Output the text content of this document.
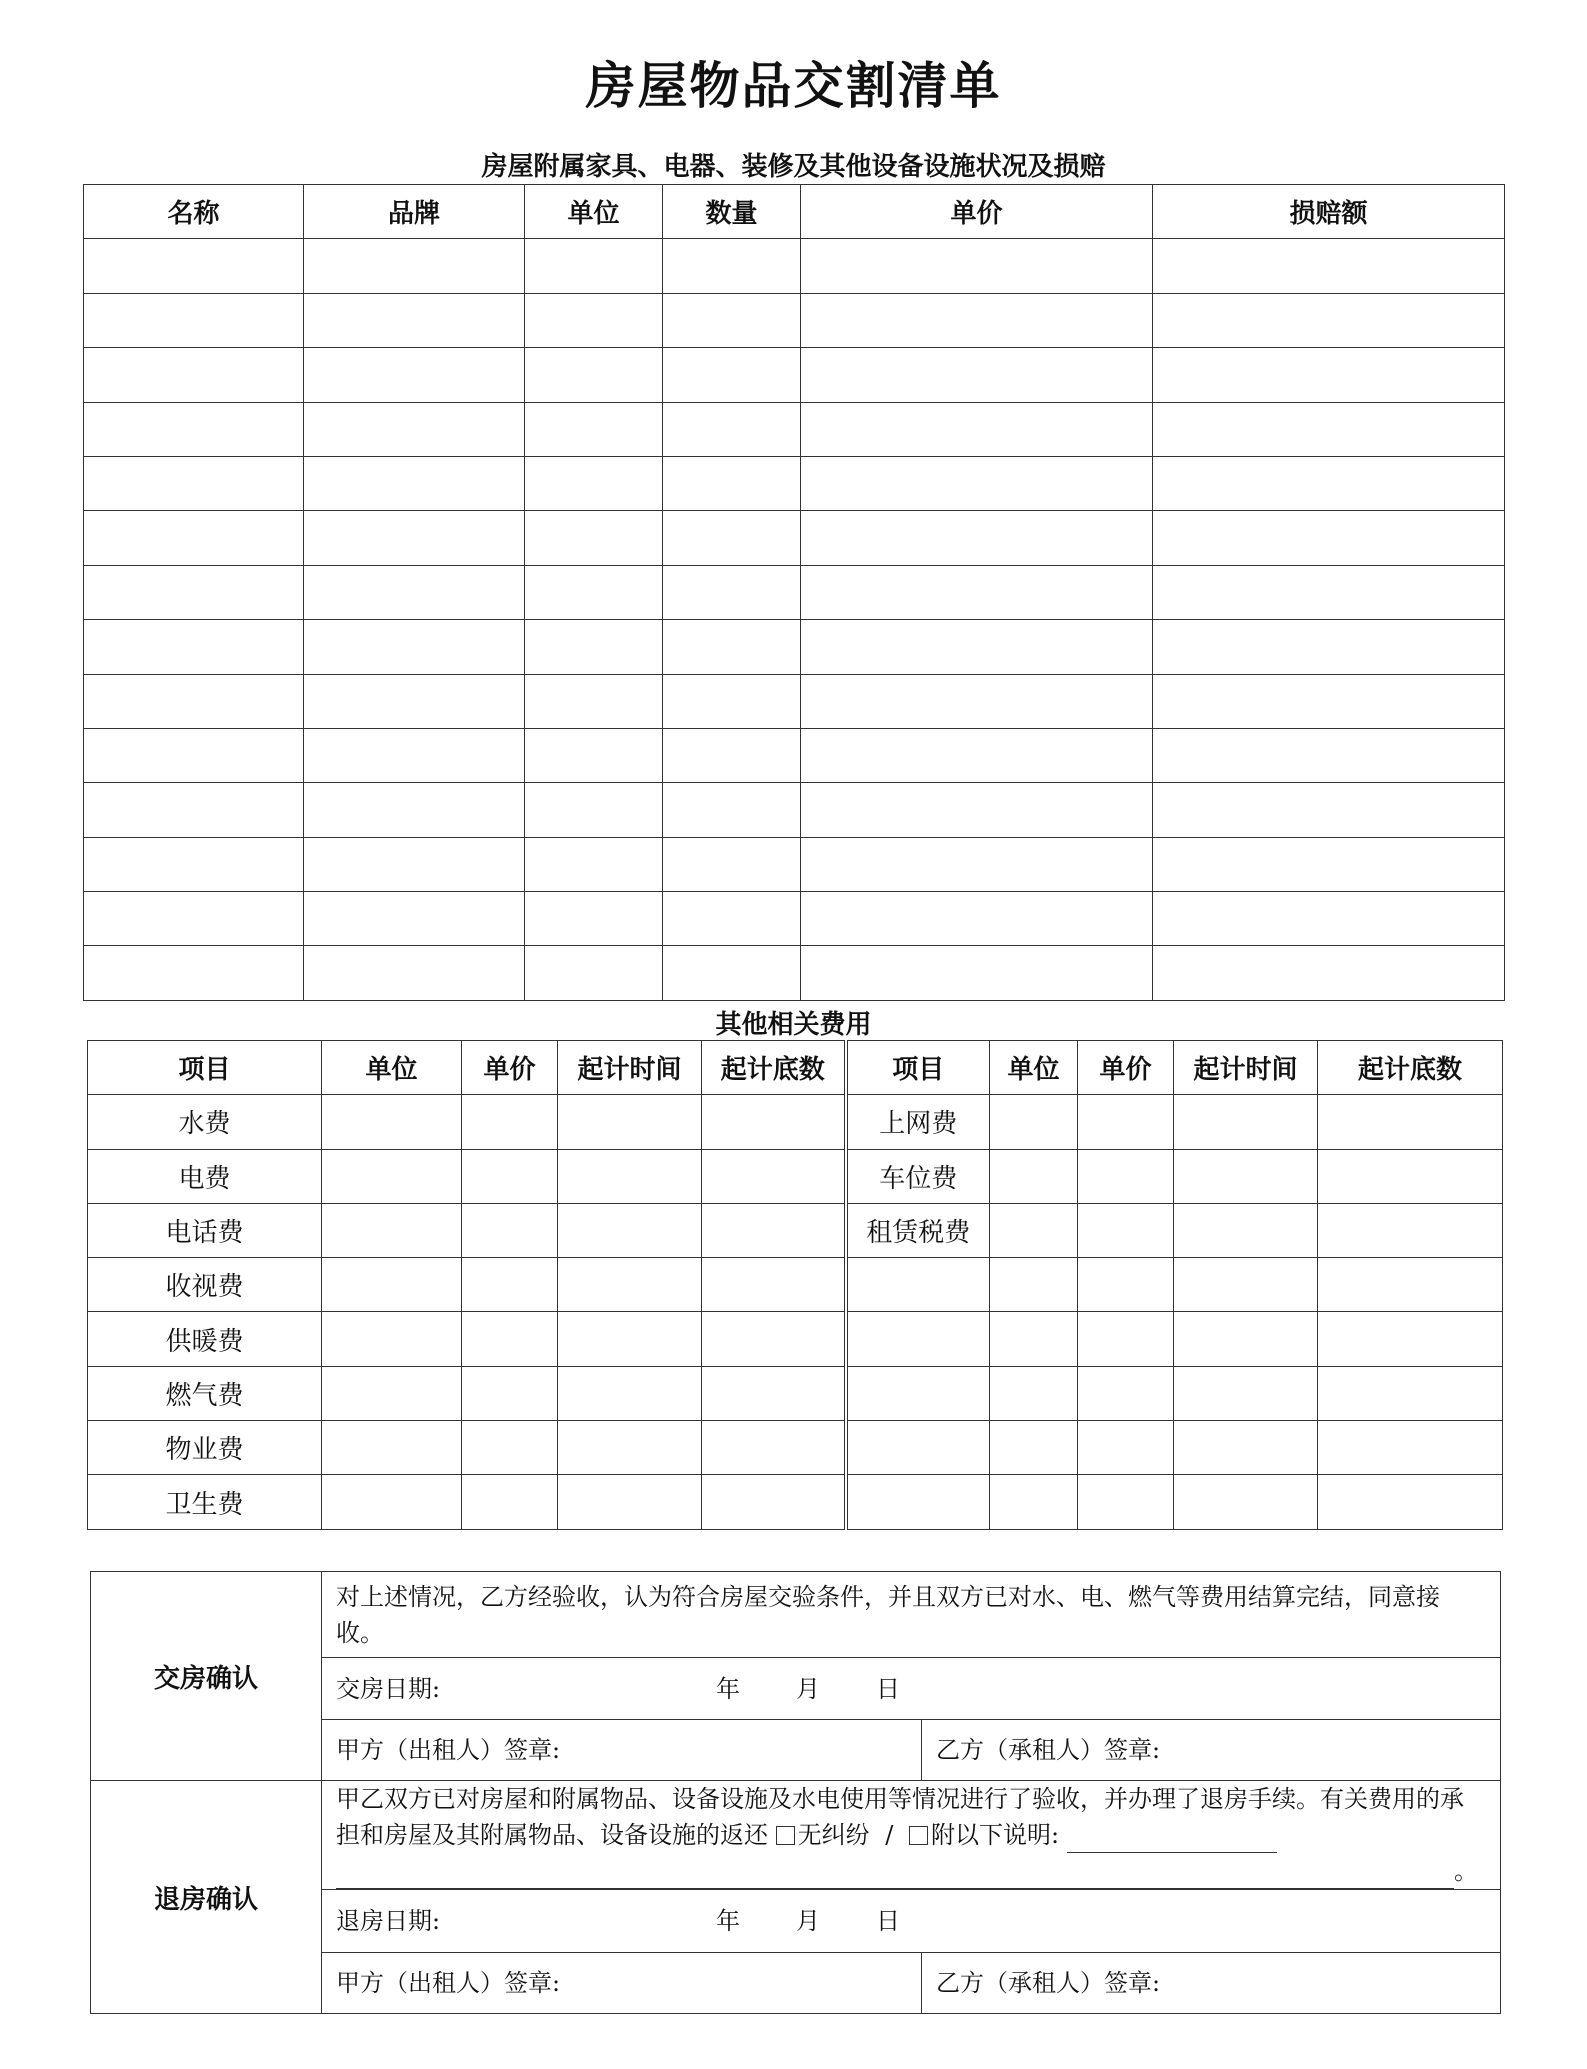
房屋物品交割清单
房屋附属家具、电器、装修及其他设备设施状况及损赔
名称	品牌	单位	数量	单价	损赔额

其他相关费用
项目	单位	单价	起计时间	起计底数	项目	单位	单价	起计时间	起计底数
水费					上网费				
电费					车位费				
电话费					租赁税费				
收视费									
供暖费									
燃气费									
物业费									
卫生费									
交房确认	对上述情况，乙方经验收，认为符合房屋交验条件，并且双方已对水、电、燃气等费用结算完结，同意接收。	
	交房日期: 年 月 日	
	甲方（出租人）签章:	乙方（承租人）签章:
退房确认	甲乙双方已对房屋和附属物品、设备设施及水电使用等情况进行了验收，并办理了退房手续。有关费用的承担和房屋及其附属物品、设备设施的返还 无纠纷 / 附以下说明:
。	
	退房日期: 年 月 日	
	甲方（出租人）签章:	乙方（承租人）签章:
